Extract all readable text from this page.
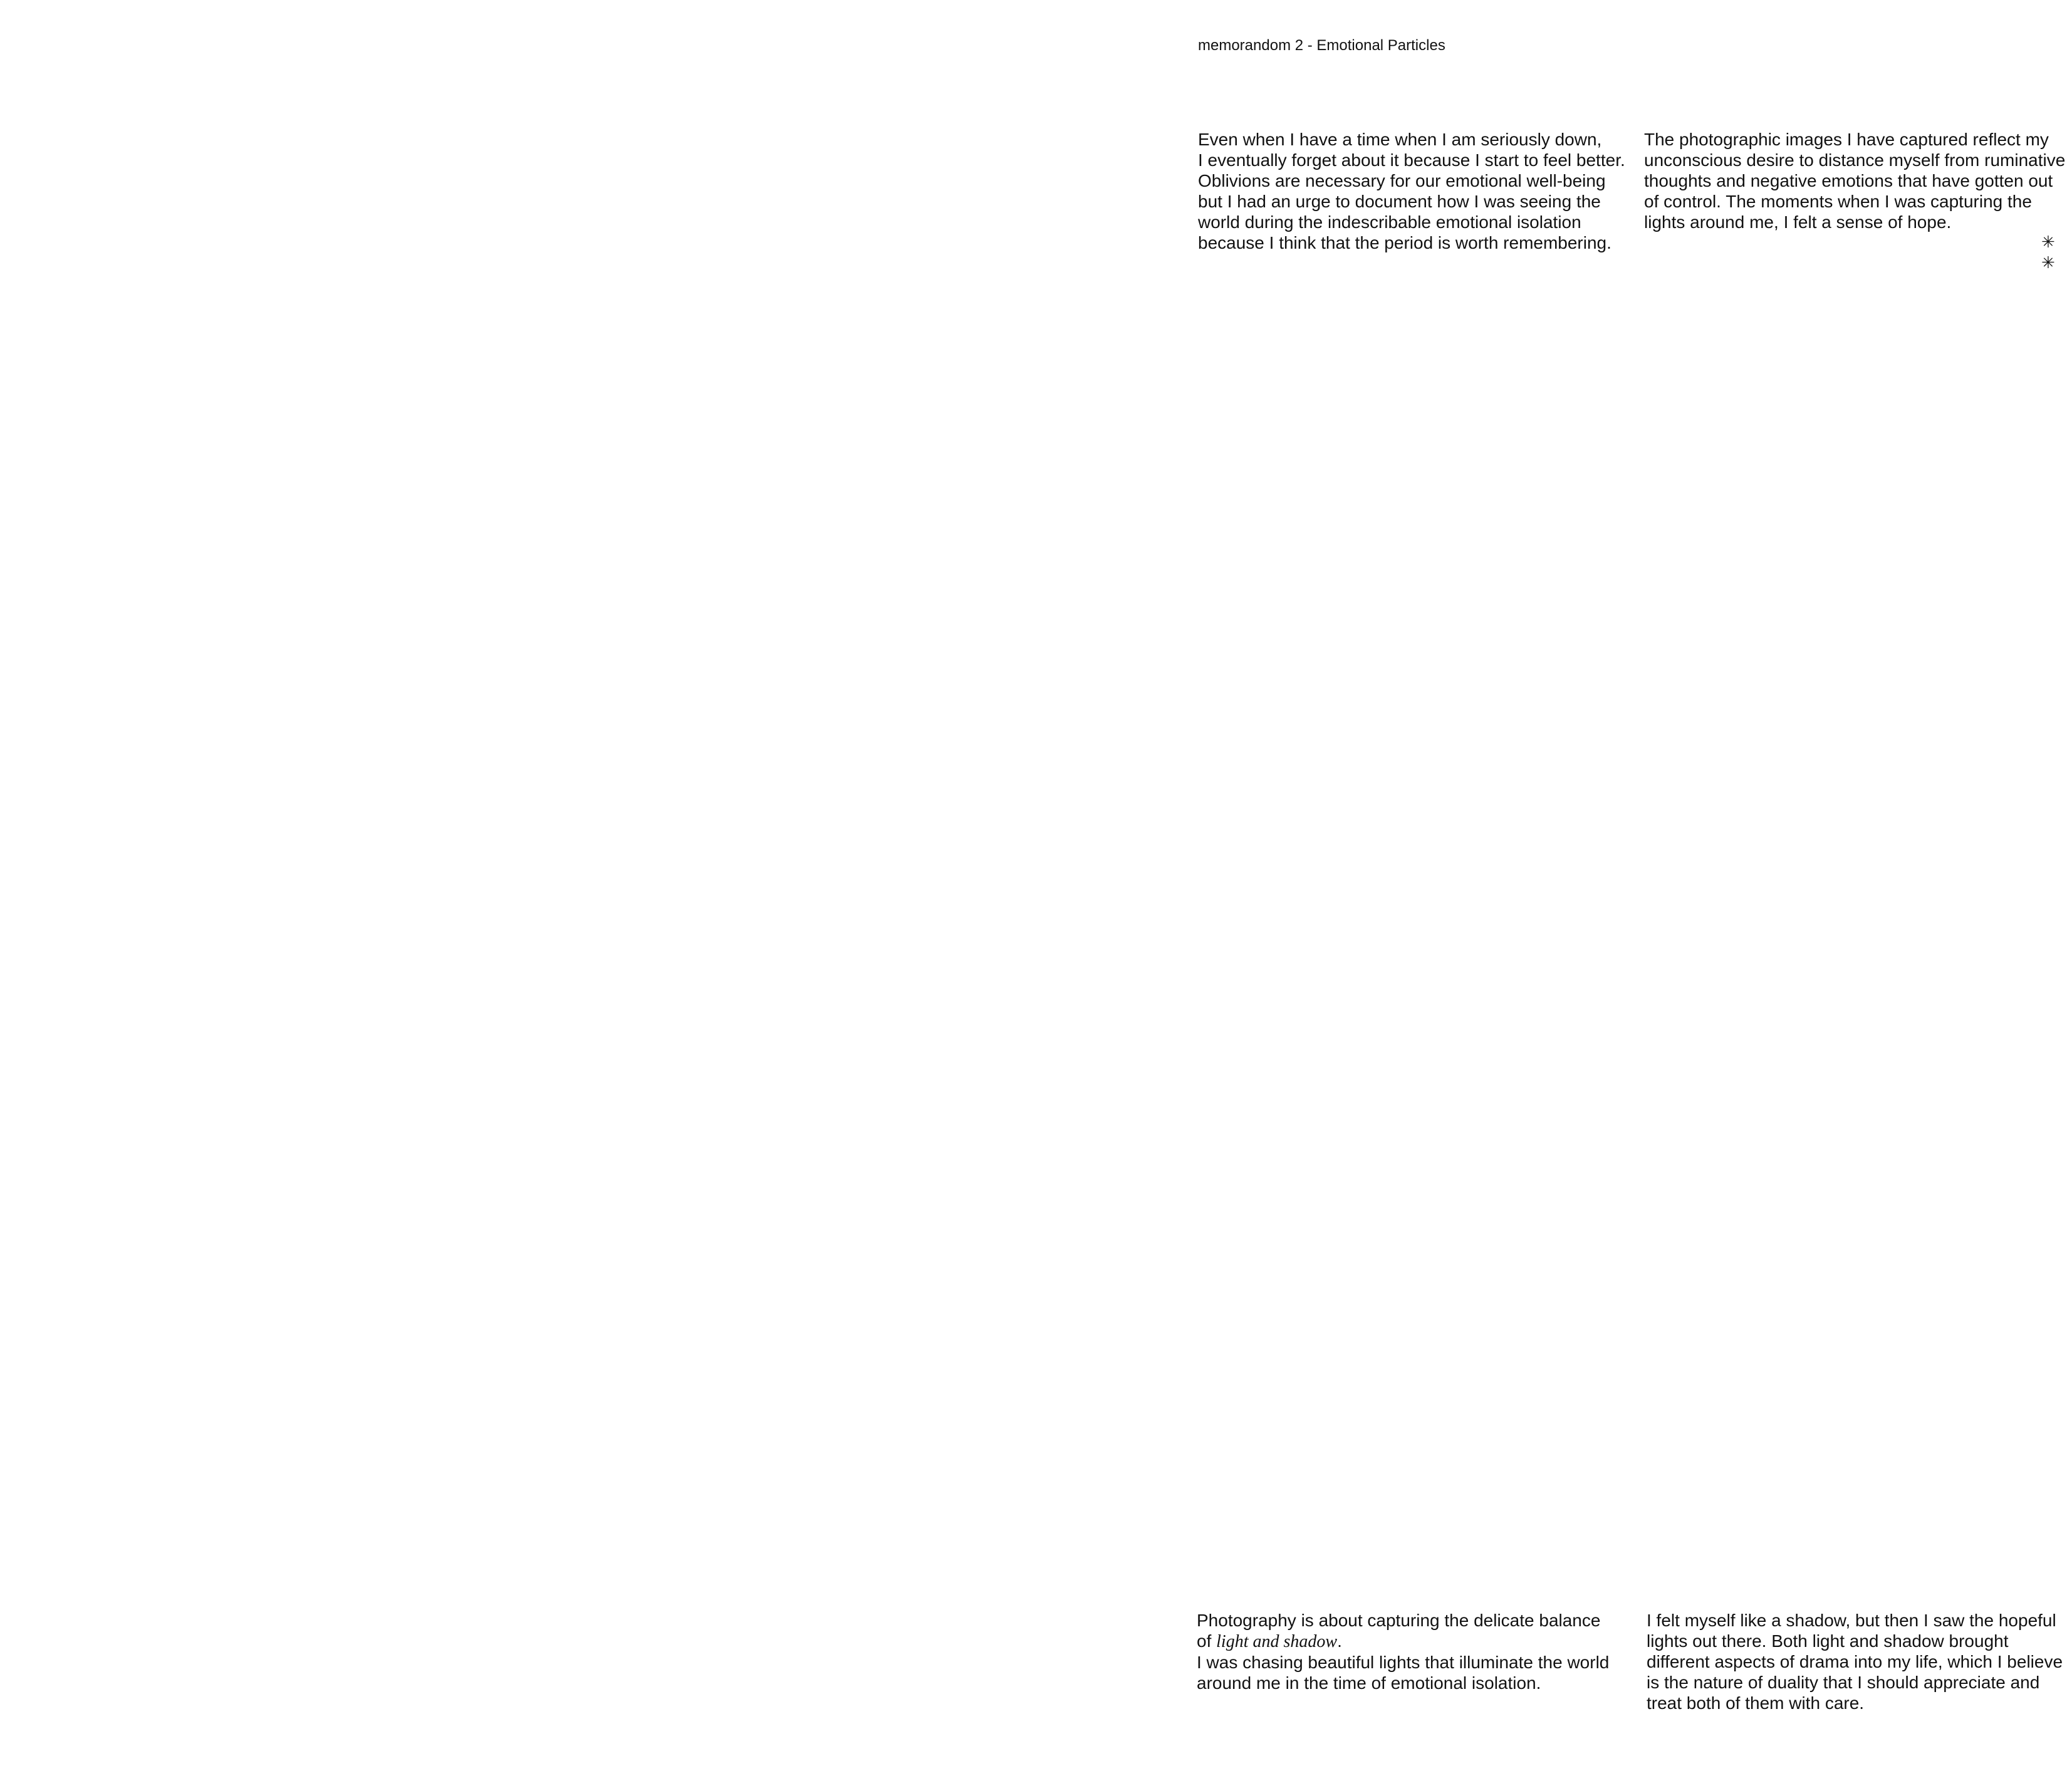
memorandom 2 - Emotional Particles
Even when I have a time when I am seriously down,
I eventually forget about it because I start to feel better.
Oblivions are necessary for our emotional well-being
but I had an urge to document how I was seeing the
world during the indescribable emotional isolation
because I think that the period is worth remembering.
The photographic images I have captured reflect my
unconscious desire to distance myself from ruminative
thoughts and negative emotions that have gotten out
of control. The moments when I was capturing the
lights around me, I felt a sense of hope.
✳
✳
Photography is about capturing the delicate balance
of light and shadow.
I was chasing beautiful lights that illuminate the world
around me in the time of emotional isolation.
I felt myself like a shadow, but then I saw the hopeful
lights out there. Both light and shadow brought
different aspects of drama into my life, which I believe
is the nature of duality that I should appreciate and
treat both of them with care.
